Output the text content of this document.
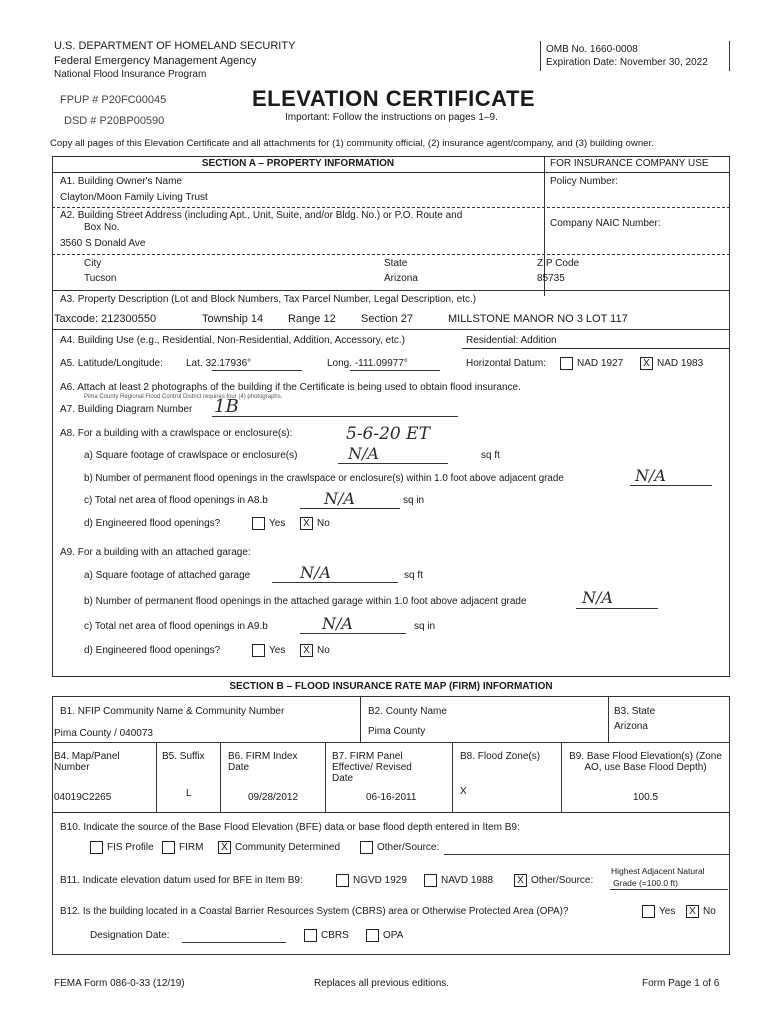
U.S. DEPARTMENT OF HOMELAND SECURITY
Federal Emergency Management Agency
National Flood Insurance Program
OMB No. 1660-0008
Expiration Date: November 30, 2022
FPUP # P20FC00045
DSD # P20BP00590
ELEVATION CERTIFICATE
Important: Follow the instructions on pages 1–9.
Copy all pages of this Elevation Certificate and all attachments for (1) community official, (2) insurance agent/company, and (3) building owner.
SECTION A – PROPERTY INFORMATION	FOR INSURANCE COMPANY USE
A1. Building Owner's Name
Clayton/Moon Family Living Trust
Policy Number:
A2. Building Street Address (including Apt., Unit, Suite, and/or Bldg. No.) or P.O. Route and
Box No.
3560 S Donald Ave
Company NAIC Number:
City
Tucson
State
Arizona
ZIP Code
85735
A3. Property Description (Lot and Block Numbers, Tax Parcel Number, Legal Description, etc.)
Taxcode: 212300550	Township 14 Range 12 Section 27	MILLSTONE MANOR NO 3 LOT 117
A4. Building Use (e.g., Residential, Non-Residential, Addition, Accessory, etc.)	Residential: Addition
A5. Latitude/Longitude: Lat. 32.17936°	Long. -111.09977°	Horizontal Datum:	NAD 1927	X NAD 1983
A6. Attach at least 2 photographs of the building if the Certificate is being used to obtain flood insurance.
Pima County Regional Flood Control District requires four (4) photographs.
A7. Building Diagram Number 1B
A8. For a building with a crawlspace or enclosure(s):	5-6-20 ET
a) Square footage of crawlspace or enclosure(s)	N/A	sq ft
b) Number of permanent flood openings in the crawlspace or enclosure(s) within 1.0 foot above adjacent grade	N/A
c) Total net area of flood openings in A8.b	N/A	sq in
d) Engineered flood openings?	Yes	X No
A9. For a building with an attached garage:
a) Square footage of attached garage	N/A	sq ft
b) Number of permanent flood openings in the attached garage within 1.0 foot above adjacent grade	N/A
c) Total net area of flood openings in A9.b	N/A	sq in
d) Engineered flood openings?	Yes	X No
SECTION B – FLOOD INSURANCE RATE MAP (FIRM) INFORMATION
B1. NFIP Community Name & Community Number
Pima County / 040073
B2. County Name
Pima County
B3. State
Arizona
B4. Map/Panel Number
04019C2265
B5. Suffix
L
B6. FIRM Index Date
09/28/2012
B7. FIRM Panel Effective/ Revised Date
06-16-2011
B8. Flood Zone(s)
X
B9. Base Flood Elevation(s) (Zone AO, use Base Flood Depth)
100.5
B10. Indicate the source of the Base Flood Elevation (BFE) data or base flood depth entered in Item B9:
FIS Profile	FIRM	X Community Determined	Other/Source:
B11. Indicate elevation datum used for BFE in Item B9:	NGVD 1929	NAVD 1988	X Other/Source:
Highest Adjacent Natural
Grade (=100.0 ft)
B12. Is the building located in a Coastal Barrier Resources System (CBRS) area or Otherwise Protected Area (OPA)?	Yes	X No
Designation Date:	CBRS	OPA
FEMA Form 086-0-33 (12/19)	Replaces all previous editions.	Form Page 1 of 6
